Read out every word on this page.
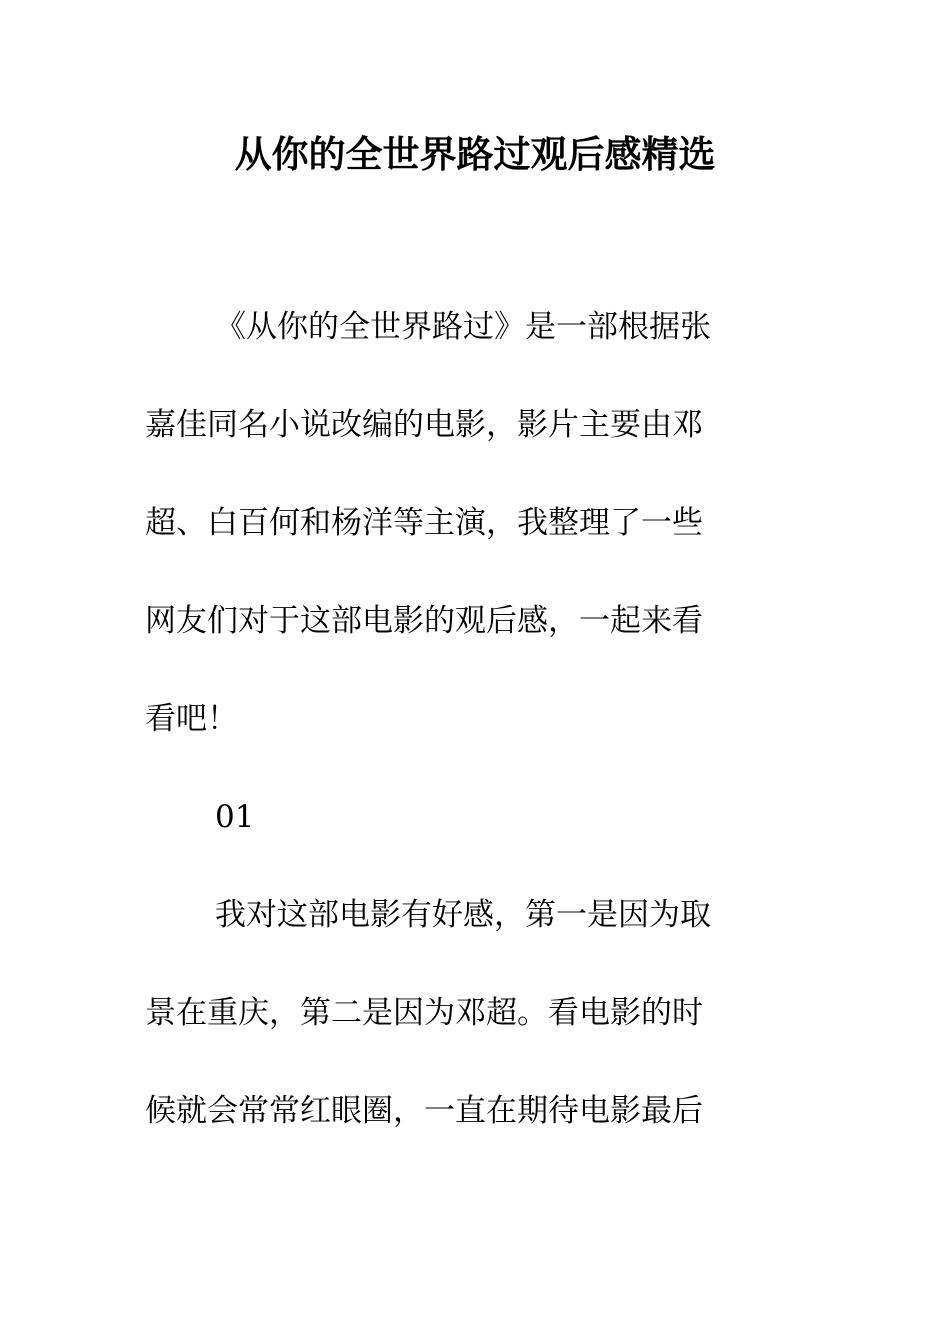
从你的全世界路过观后感精选
《从你的全世界路过》是一部根据张
嘉佳同名小说改编的电影，影片主要由邓
超、白百何和杨洋等主演，我整理了一些
网友们对于这部电影的观后感，一起来看
看吧！
01
我对这部电影有好感，第一是因为取
景在重庆，第二是因为邓超。看电影的时
候就会常常红眼圈，一直在期待电影最后
